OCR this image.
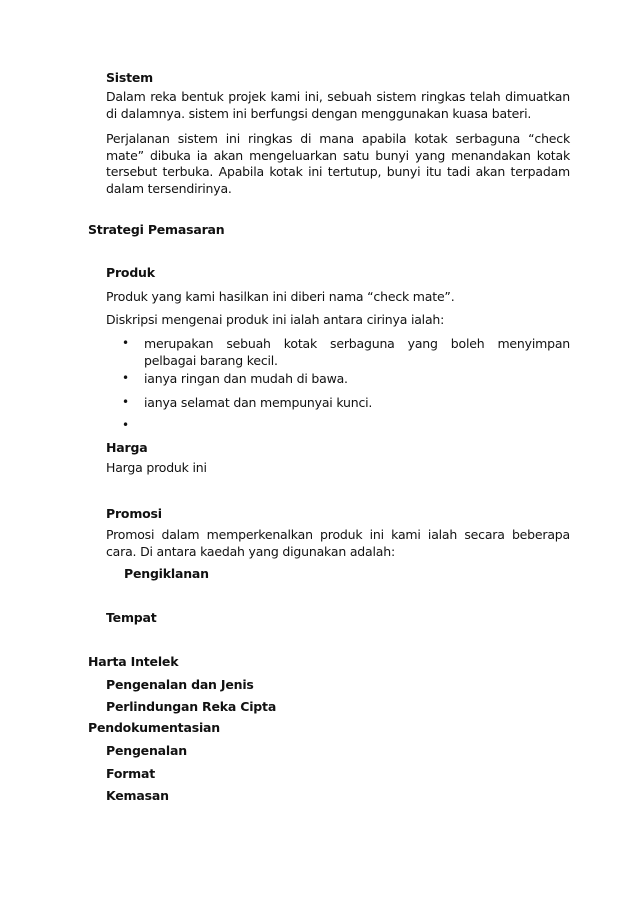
Sistem
Dalam reka bentuk projek kami ini, sebuah sistem ringkas telah dimuatkan di dalamnya. sistem ini berfungsi dengan menggunakan kuasa bateri.
Perjalanan sistem ini ringkas di mana apabila kotak serbaguna “check mate” dibuka ia akan mengeluarkan satu bunyi yang menandakan kotak tersebut terbuka. Apabila kotak ini tertutup, bunyi itu tadi akan terpadam dalam tersendirinya.
Strategi Pemasaran
Produk
Produk yang kami hasilkan ini diberi nama “check mate”.
Diskripsi mengenai produk ini ialah antara cirinya ialah:
• merupakan sebuah kotak serbaguna yang boleh menyimpan pelbagai barang kecil.
• ianya ringan dan mudah di bawa.
• ianya selamat dan mempunyai kunci.
•
Harga
Harga produk ini
Promosi
Promosi dalam memperkenalkan produk ini kami ialah secara beberapa cara. Di antara kaedah yang digunakan adalah:
Pengiklanan
Tempat
Harta Intelek
Pengenalan dan Jenis
Perlindungan Reka Cipta
Pendokumentasian
Pengenalan
Format
Kemasan
